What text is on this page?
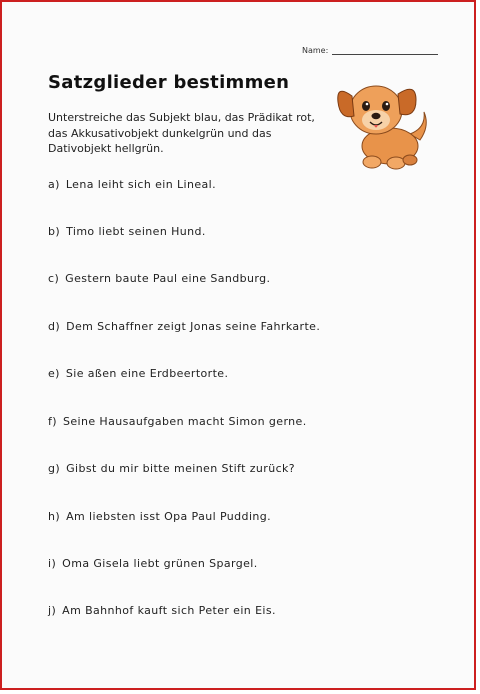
Name:
Satzglieder bestimmen
Unterstreiche das Subjekt blau, das Prädikat rot, das Akkusativobjekt dunkelgrün und das Dativobjekt hellgrün.
a) Lena leiht sich ein Lineal.
b) Timo liebt seinen Hund.
c) Gestern baute Paul eine Sandburg.
d) Dem Schaffner zeigt Jonas seine Fahrkarte.
e) Sie aßen eine Erdbeertorte.
f) Seine Hausaufgaben macht Simon gerne.
g) Gibst du mir bitte meinen Stift zurück?
h) Am liebsten isst Opa Paul Pudding.
i) Oma Gisela liebt grünen Spargel.
j) Am Bahnhof kauft sich Peter ein Eis.
